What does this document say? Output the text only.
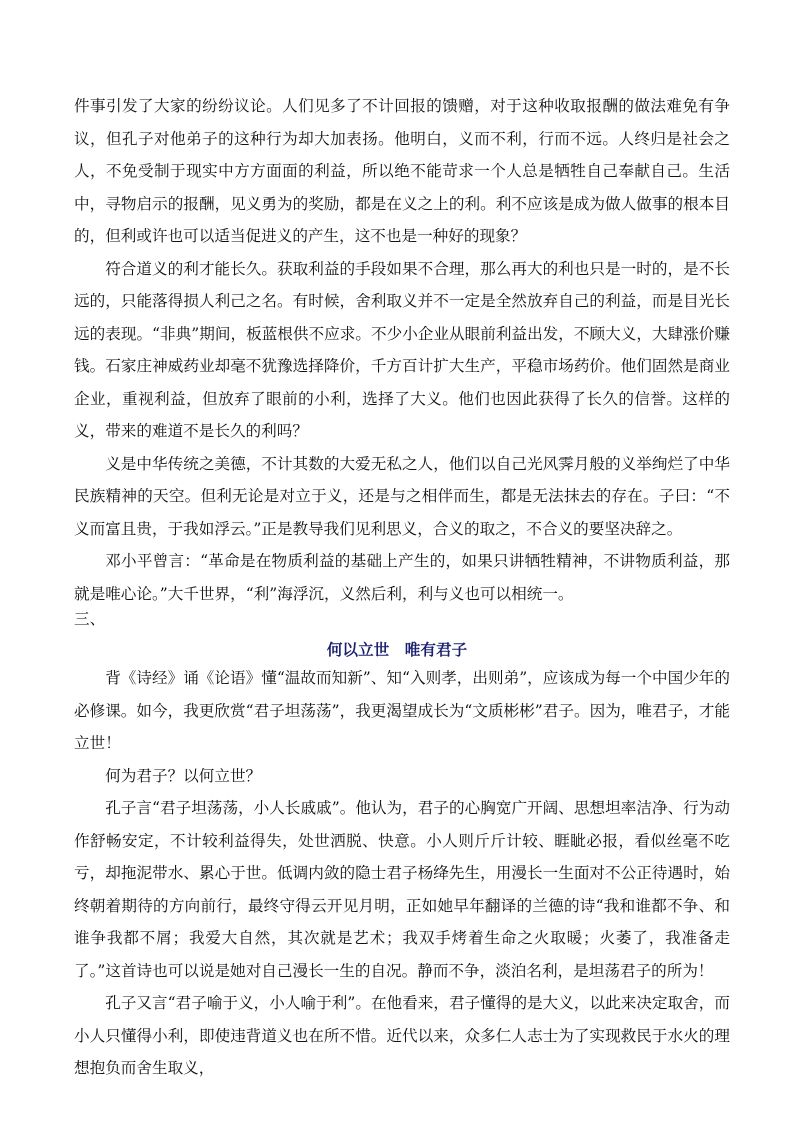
件事引发了大家的纷纷议论。人们见多了不计回报的馈赠，对于这种收取报酬的做法难免有争议，但孔子对他弟子的这种行为却大加表扬。他明白，义而不利，行而不远。人终归是社会之人，不免受制于现实中方方面面的利益，所以绝不能苛求一个人总是牺牲自己奉献自己。生活中，寻物启示的报酬，见义勇为的奖励，都是在义之上的利。利不应该是成为做人做事的根本目的，但利或许也可以适当促进义的产生，这不也是一种好的现象？

符合道义的利才能长久。获取利益的手段如果不合理，那么再大的利也只是一时的，是不长远的，只能落得损人利己之名。有时候，舍利取义并不一定是全然放弃自己的利益，而是目光长远的表现。“非典”期间，板蓝根供不应求。不少小企业从眼前利益出发，不顾大义，大肆涨价赚钱。石家庄神威药业却毫不犹豫选择降价，千方百计扩大生产，平稳市场药价。他们固然是商业企业，重视利益，但放弃了眼前的小利，选择了大义。他们也因此获得了长久的信誉。这样的义，带来的难道不是长久的利吗？

义是中华传统之美德，不计其数的大爱无私之人，他们以自己光风霁月般的义举绚烂了中华民族精神的天空。但利无论是对立于义，还是与之相伴而生，都是无法抹去的存在。子曰：“不义而富且贵，于我如浮云。”正是教导我们见利思义，合义的取之，不合义的要坚决辞之。

邓小平曾言：“革命是在物质利益的基础上产生的，如果只讲牺牲精神，不讲物质利益，那就是唯心论。”大千世界，“利”海浮沉，义然后利，利与义也可以相统一。

三、

何以立世 唯有君子

背《诗经》诵《论语》懂“温故而知新”、知“入则孝，出则弟”，应该成为每一个中国少年的必修课。如今，我更欣赏“君子坦荡荡”，我更渴望成长为“文质彬彬”君子。因为，唯君子，才能立世！

何为君子？以何立世？

孔子言“君子坦荡荡，小人长戚戚”。他认为，君子的心胸宽广开阔、思想坦率洁净、行为动作舒畅安定，不计较利益得失，处世洒脱、快意。小人则斤斤计较、睚眦必报，看似丝毫不吃亏，却拖泥带水、累心于世。低调内敛的隐士君子杨绛先生，用漫长一生面对不公正待遇时，始终朝着期待的方向前行，最终守得云开见月明，正如她早年翻译的兰德的诗“我和谁都不争、和谁争我都不屑；我爱大自然，其次就是艺术；我双手烤着生命之火取暖；火萎了，我准备走了。”这首诗也可以说是她对自己漫长一生的自况。静而不争，淡泊名利，是坦荡君子的所为！

孔子又言“君子喻于义，小人喻于利”。在他看来，君子懂得的是大义，以此来决定取舍，而小人只懂得小利，即使违背道义也在所不惜。近代以来，众多仁人志士为了实现救民于水火的理想抱负而舍生取义，
